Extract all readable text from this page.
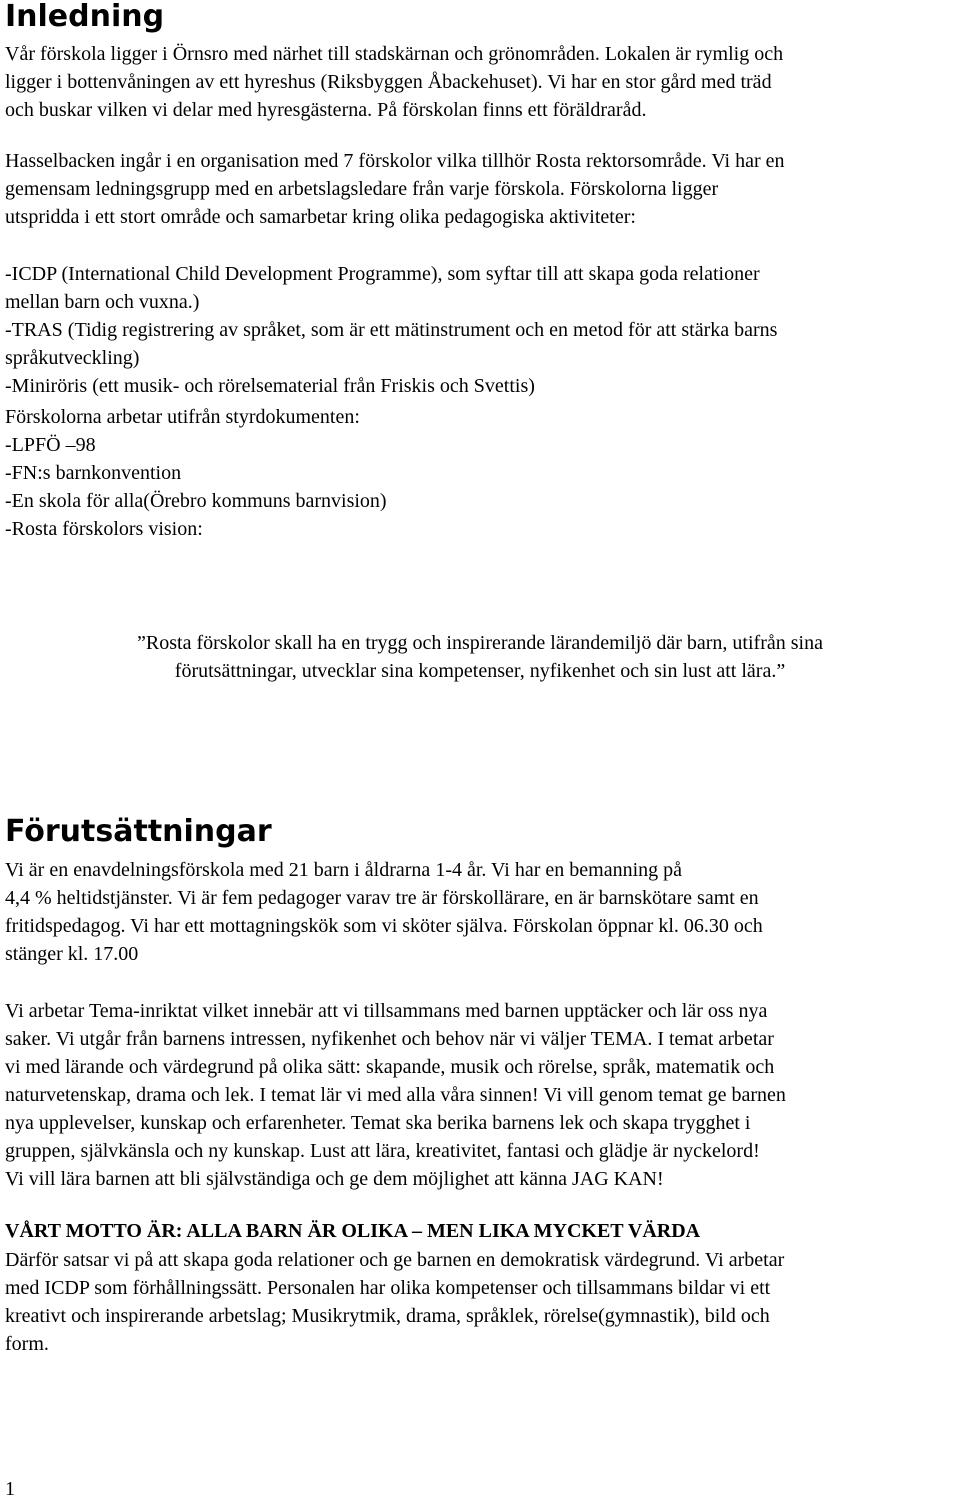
Inledning
Vår förskola ligger i Örnsro med närhet till stadskärnan och grönområden. Lokalen är rymlig och
ligger i bottenvåningen av ett hyreshus (Riksbyggen Åbackehuset). Vi har en stor gård med träd
och buskar vilken vi delar med hyresgästerna. På förskolan finns ett föräldraråd.
Hasselbacken ingår i en organisation med 7 förskolor vilka tillhör Rosta rektorsområde. Vi har en
gemensam ledningsgrupp med en arbetslagsledare från varje förskola. Förskolorna ligger
utspridda i ett stort område och samarbetar kring olika pedagogiska aktiviteter:
-ICDP (International Child Development Programme), som syftar till att skapa goda relationer
mellan barn och vuxna.)
-TRAS (Tidig registrering av språket, som är ett mätinstrument och en metod för att stärka barns
språkutveckling)
-Miniröris (ett musik- och rörelsematerial från Friskis och Svettis)
Förskolorna arbetar utifrån styrdokumenten:
-LPFÖ –98
-FN:s barnkonvention
-En skola för alla(Örebro kommuns barnvision)
-Rosta förskolors vision:
”Rosta förskolor skall ha en trygg och inspirerande lärandemiljö där barn, utifrån sina
förutsättningar, utvecklar sina kompetenser, nyfikenhet och sin lust att lära.”
Förutsättningar
Vi är en enavdelningsförskola med 21 barn i åldrarna 1-4 år. Vi har en bemanning på
4,4 % heltidstjänster. Vi är fem pedagoger varav tre är förskollärare, en är barnskötare samt en
fritidspedagog. Vi har ett mottagningskök som vi sköter själva. Förskolan öppnar kl. 06.30 och
stänger kl. 17.00
Vi arbetar Tema-inriktat vilket innebär att vi tillsammans med barnen upptäcker och lär oss nya
saker. Vi utgår från barnens intressen, nyfikenhet och behov när vi väljer TEMA. I temat arbetar
vi med lärande och värdegrund på olika sätt: skapande, musik och rörelse, språk, matematik och
naturvetenskap, drama och lek. I temat lär vi med alla våra sinnen! Vi vill genom temat ge barnen
nya upplevelser, kunskap och erfarenheter. Temat ska berika barnens lek och skapa trygghet i
gruppen, självkänsla och ny kunskap. Lust att lära, kreativitet, fantasi och glädje är nyckelord!
Vi vill lära barnen att bli självständiga och ge dem möjlighet att känna JAG KAN!
VÅRT MOTTO ÄR: ALLA BARN ÄR OLIKA – MEN LIKA MYCKET VÄRDA
Därför satsar vi på att skapa goda relationer och ge barnen en demokratisk värdegrund. Vi arbetar
med ICDP som förhållningssätt. Personalen har olika kompetenser och tillsammans bildar vi ett
kreativt och inspirerande arbetslag; Musikrytmik, drama, språklek, rörelse(gymnastik), bild och
form.
1
